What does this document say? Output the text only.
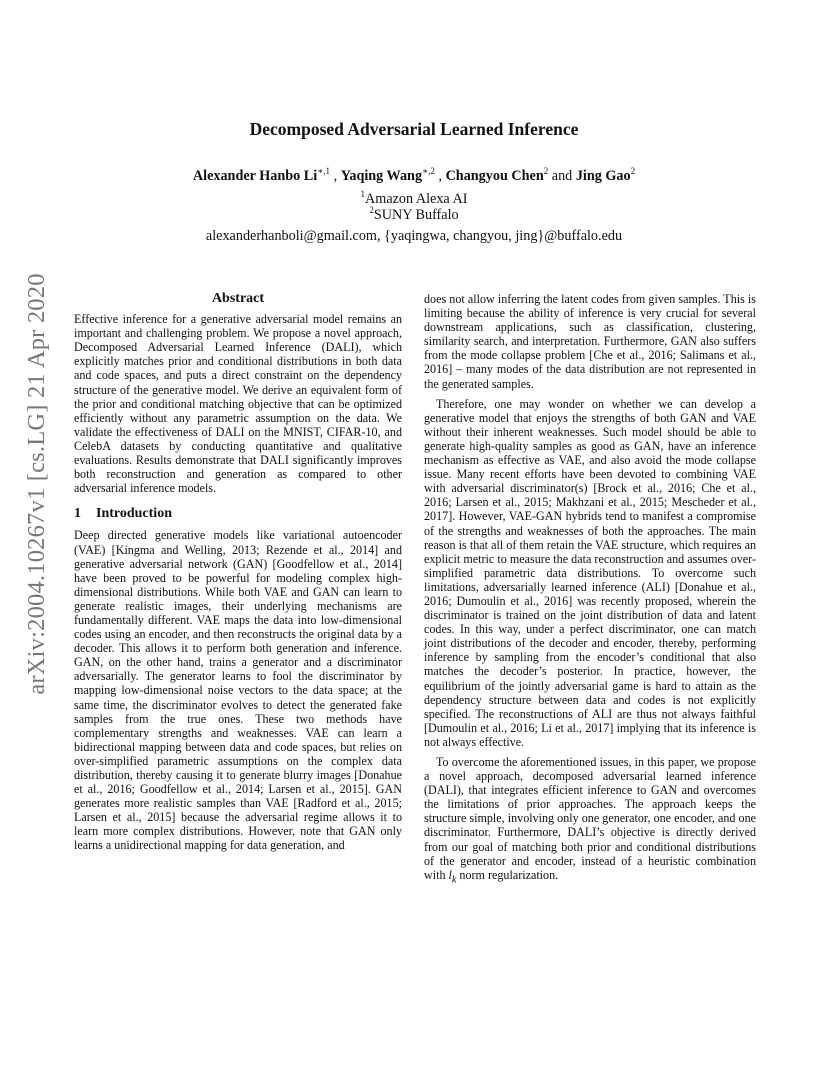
Decomposed Adversarial Learned Inference
Alexander Hanbo $Li^{∗,1}$ , Yaqing Wang$^{∗,2}$ , Changyou Chen$^2$ and Jing Gao$^2$
$^1$Amazon Alexa AI
$^2$SUNY Buffalo
alexanderhanboli@gmail.com, {yaqingwa, changyou, jing}@buffalo.edu
arXiv:2004.10267v1 [cs.LG] 21 Apr 2020	Abstract

Effective inference for a generative adversarial model remains an important and challenging problem. We propose a novel approach, Decomposed Adversarial Learned Inference (DALI), which explicitly matches prior and conditional distributions in both data and code spaces, and puts a direct constraint on the dependency structure of the generative model. We derive an equivalent form of the prior and conditional matching objective that can be optimized efficiently without any parametric assumption on the data. We validate the effectiveness of DALI on the MNIST, CIFAR-10, and CelebA datasets by conducting quantitative and qualitative evaluations. Results demonstrate that DALI significantly improves both reconstruction and generation as compared to other adversarial inference models.

1 Introduction

Deep directed generative models like variational autoencoder (VAE) [Kingma and Welling, 2013; Rezende et al., 2014] and generative adversarial network (GAN) [Goodfellow et al., 2014] have been proved to be powerful for modeling complex high-dimensional distributions. While both VAE and GAN can learn to generate realistic images, their underlying mechanisms are fundamentally different. VAE maps the data into low-dimensional codes using an encoder, and then reconstructs the original data by a decoder. This allows it to perform both generation and inference. GAN, on the other hand, trains a generator and a discriminator adversarially. The generator learns to fool the discriminator by mapping low-dimensional noise vectors to the data space; at the same time, the discriminator evolves to detect the generated fake samples from the true ones. These two methods have complementary strengths and weaknesses. VAE can learn a bidirectional mapping between data and code spaces, but relies on over-simplified parametric assumptions on the complex data distribution, thereby causing it to generate blurry images [Donahue et al., 2016; Goodfellow et al., 2014; Larsen et al., 2015]. GAN generates more realistic samples than VAE [Radford et al., 2015; Larsen et al., 2015] because the adversarial regime allows it to learn more complex distributions. However, note that GAN only learns a unidirectional mapping for data generation, and

does not allow inferring the latent codes from given samples. This is limiting because the ability of inference is very crucial for several downstream applications, such as classification, clustering, similarity search, and interpretation. Furthermore, GAN also suffers from the mode collapse problem [Che et al., 2016; Salimans et al., 2016] – many modes of the data distribution are not represented in the generated samples.

Therefore, one may wonder on whether we can develop a generative model that enjoys the strengths of both GAN and VAE without their inherent weaknesses. Such model should be able to generate high-quality samples as good as GAN, have an inference mechanism as effective as VAE, and also avoid the mode collapse issue. Many recent efforts have been devoted to combining VAE with adversarial discriminator(s) [Brock et al., 2016; Che et al., 2016; Larsen et al., 2015; Makhzani et al., 2015; Mescheder et al., 2017]. However, VAE-GAN hybrids tend to manifest a compromise of the strengths and weaknesses of both the approaches. The main reason is that all of them retain the VAE structure, which requires an explicit metric to measure the data reconstruction and assumes over-simplified parametric data distributions. To overcome such limitations, adversarially learned inference (ALI) [Donahue et al., 2016; Dumoulin et al., 2016] was recently proposed, wherein the discriminator is trained on the joint distribution of data and latent codes. In this way, under a perfect discriminator, one can match joint distributions of the decoder and encoder, thereby, performing inference by sampling from the encoder’s conditional that also matches the decoder’s posterior. In practice, however, the equilibrium of the jointly adversarial game is hard to attain as the dependency structure between data and codes is not explicitly specified. The reconstructions of ALI are thus not always faithful [Dumoulin et al., 2016; Li et al., 2017] implying that its inference is not always effective.

To overcome the aforementioned issues, in this paper, we propose a novel approach, decomposed adversarial learned inference (DALI), that integrates efficient inference to GAN and overcomes the limitations of prior approaches. The approach keeps the structure simple, involving only one generator, one encoder, and one discriminator. Furthermore, DALI’s objective is directly derived from our goal of matching both prior and conditional distributions of the generator and encoder, instead of a heuristic combination with $l_k$ norm regularization.
